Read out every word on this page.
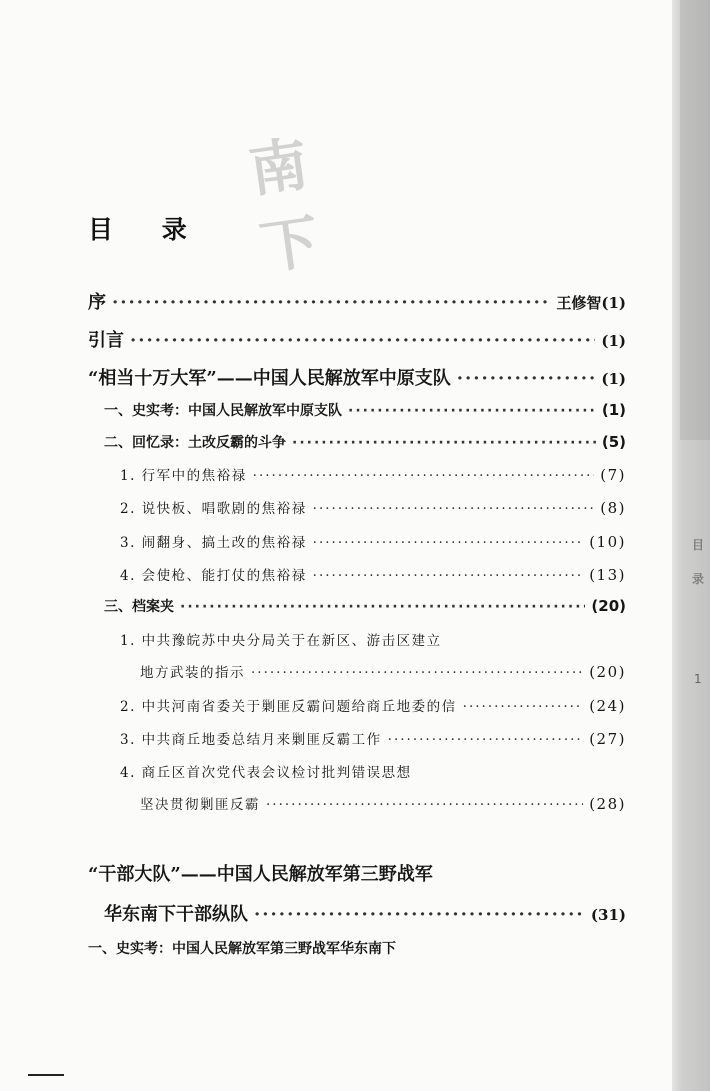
目
录
1
南下
目 录
序 ·····	王修智(1)
引言 ·····	(1)
“相当十万大军”——中国人民解放军中原支队 ·····	(1)
一、史实考：中国人民解放军中原支队 ·····	(1)
二、回忆录：土改反霸的斗争 ·····	(5)
1. 行军中的焦裕禄 ·····	(7)
2. 说快板、唱歌剧的焦裕禄 ·····	(8)
3. 闹翻身、搞土改的焦裕禄 ·····	(10)
4. 会使枪、能打仗的焦裕禄 ·····	(13)
三、档案夹 ·····	(20)
1. 中共豫皖苏中央分局关于在新区、游击区建立
地方武装的指示 ·····	(20)
2. 中共河南省委关于剿匪反霸问题给商丘地委的信 ·····	(24)
3. 中共商丘地委总结月来剿匪反霸工作 ·····	(27)
4. 商丘区首次党代表会议检讨批判错误思想
坚决贯彻剿匪反霸 ·····	(28)
“干部大队”——中国人民解放军第三野战军
华东南下干部纵队 ·····	(31)
一、史实考：中国人民解放军第三野战军华东南下
